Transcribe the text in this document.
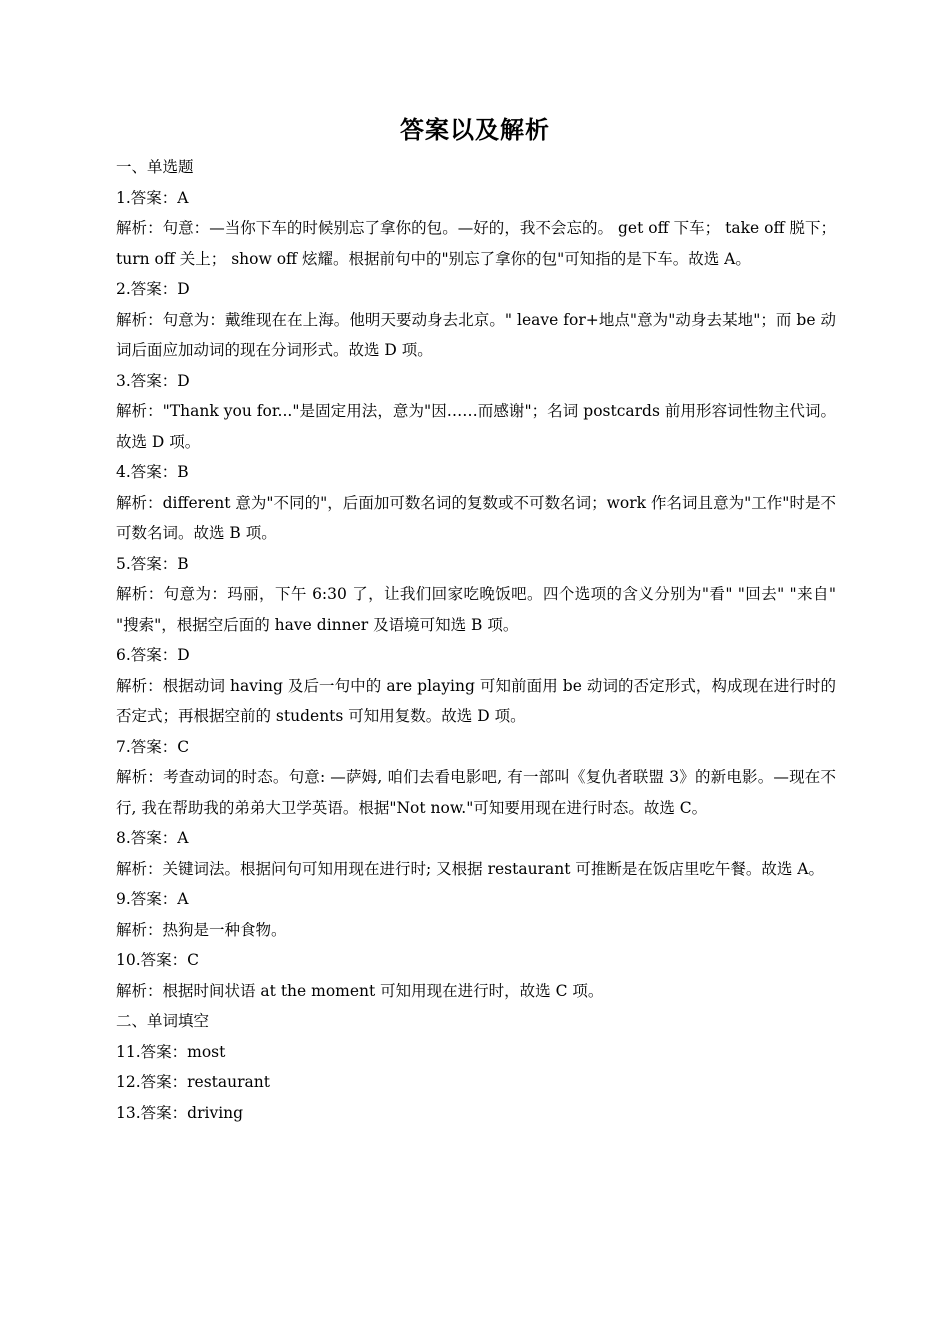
答案以及解析

一、单选题

1.答案：A

解析：句意：—当你下车的时候别忘了拿你的包。—好的，我不会忘的。 get off 下车； take off 脱下； turn off 关上； show off 炫耀。根据前句中的"别忘了拿你的包"可知指的是下车。故选 A。

2.答案：D

解析：句意为：戴维现在在上海。他明天要动身去北京。" leave for+地点"意为"动身去某地"；而 be 动词后面应加动词的现在分词形式。故选 D 项。

3.答案：D

解析："Thank you for..."是固定用法，意为"因……而感谢"；名词 postcards 前用形容词性物主代词。故选 D 项。

4.答案：B

解析：different 意为"不同的"，后面加可数名词的复数或不可数名词；work 作名词且意为"工作"时是不可数名词。故选 B 项。

5.答案：B

解析：句意为：玛丽，下午 6:30 了，让我们回家吃晚饭吧。四个选项的含义分别为"看" "回去" "来自" "搜索"，根据空后面的 have dinner 及语境可知选 B 项。

6.答案：D

解析：根据动词 having 及后一句中的 are playing 可知前面用 be 动词的否定形式，构成现在进行时的否定式；再根据空前的 students 可知用复数。故选 D 项。

7.答案：C

解析：考查动词的时态。句意: —萨姆, 咱们去看电影吧, 有一部叫《复仇者联盟 3》的新电影。—现在不行, 我在帮助我的弟弟大卫学英语。根据"Not now."可知要用现在进行时态。故选 C。

8.答案：A

解析：关键词法。根据问句可知用现在进行时; 又根据 restaurant 可推断是在饭店里吃午餐。故选 A。

9.答案：A

解析：热狗是一种食物。

10.答案：C

解析：根据时间状语 at the moment 可知用现在进行时，故选 C 项。

二、单词填空

11.答案：most

12.答案：restaurant

13.答案：driving
